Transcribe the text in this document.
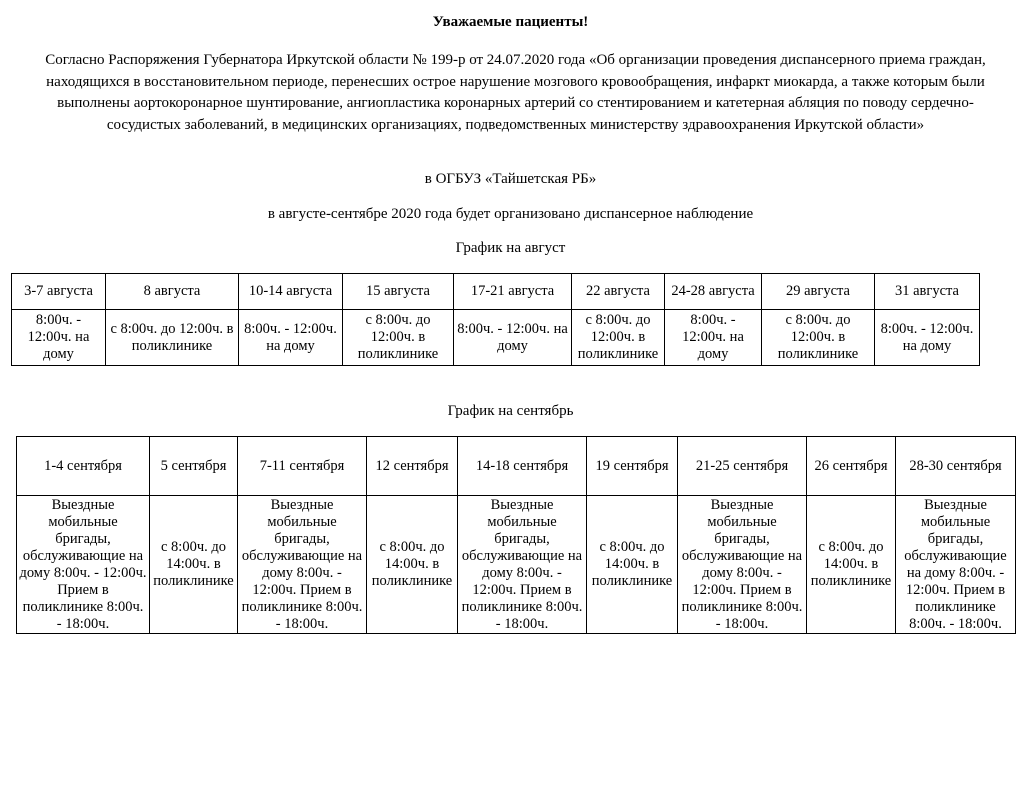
Уважаемые пациенты!
Согласно Распоряжения Губернатора Иркутской области № 199-р от 24.07.2020 года «Об организации проведения диспансерного приема граждан, находящихся в восстановительном периоде, перенесших острое нарушение мозгового кровообращения, инфаркт миокарда, а также которым были выполнены аортокоронарное шунтирование, ангиопластика коронарных артерий со стентированием и катетерная абляция по поводу сердечно-сосудистых заболеваний, в медицинских организациях, подведомственных министерству здравоохранения Иркутской области»
в ОГБУЗ «Тайшетская РБ»
в августе-сентябре 2020 года будет организовано диспансерное наблюдение
График на август
3-7 августа	8 августа	10-14 августа	15 августа	17-21 августа	22 августа	24-28 августа	29 августа	31 августа
8:00ч. - 12:00ч. на дому	с 8:00ч. до 12:00ч. в поликлинике	8:00ч. - 12:00ч. на дому	с 8:00ч. до 12:00ч. в поликлинике	8:00ч. - 12:00ч. на дому	с 8:00ч. до 12:00ч. в поликлинике	8:00ч. - 12:00ч. на дому	с 8:00ч. до 12:00ч. в поликлинике	8:00ч. - 12:00ч. на дому
График на сентябрь
1-4 сентября	5 сентября	7-11 сентября	12 сентября	14-18 сентября	19 сентября	21-25 сентября	26 сентября	28-30 сентября
Выездные мобильные бригады, обслуживающие на дому 8:00ч. - 12:00ч. Прием в поликлинике 8:00ч. - 18:00ч.	с 8:00ч. до 14:00ч. в поликлинике	Выездные мобильные бригады, обслуживающие на дому 8:00ч. - 12:00ч. Прием в поликлинике 8:00ч. - 18:00ч.	с 8:00ч. до 14:00ч. в поликлинике	Выездные мобильные бригады, обслуживающие на дому 8:00ч. - 12:00ч. Прием в поликлинике 8:00ч. - 18:00ч.	с 8:00ч. до 14:00ч. в поликлинике	Выездные мобильные бригады, обслуживающие на дому 8:00ч. - 12:00ч. Прием в поликлинике 8:00ч. - 18:00ч.	с 8:00ч. до 14:00ч. в поликлинике	Выездные мобильные бригады, обслуживающие на дому 8:00ч. - 12:00ч. Прием в поликлинике 8:00ч. - 18:00ч.
